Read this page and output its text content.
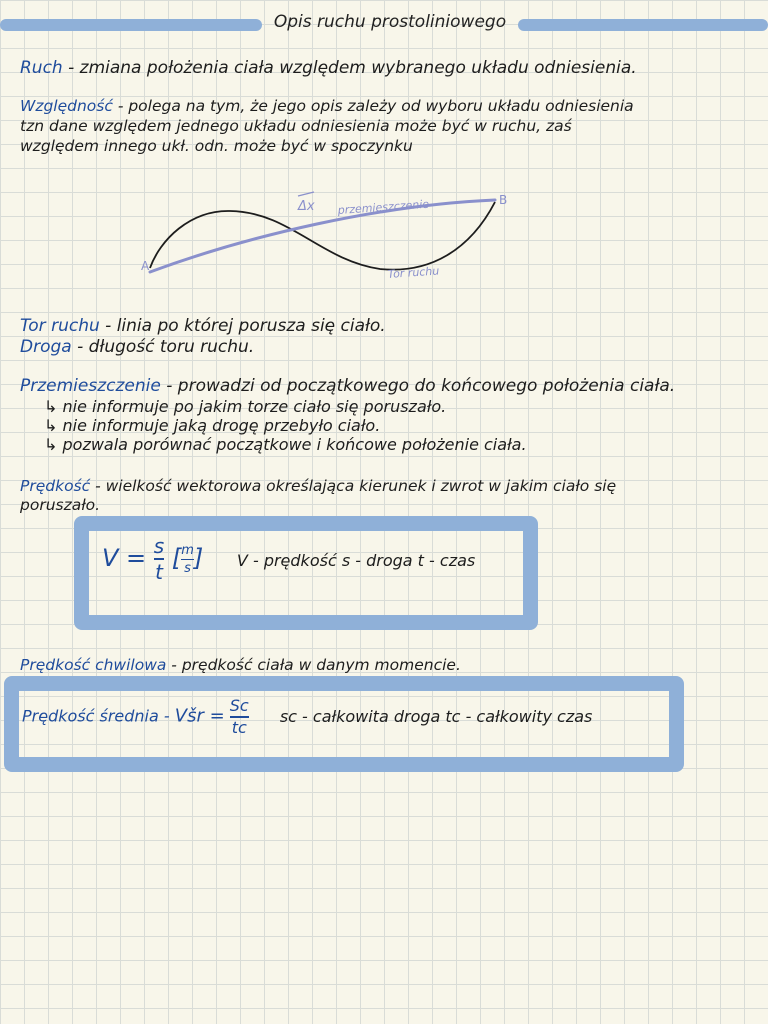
Opis ruchu prostoliniowego
Ruch - zmiana położenia ciała względem wybranego układu odniesienia.
Względność - polega na tym, że jego opis zależy od wyboru układu odniesienia
tzn dane względem jednego układu odniesienia może być w ruchu, zaś
względem innego ukł. odn. może być w spoczynku
A
B
Δx przemieszczenie
Tor ruchu
Tor ruchu - linia po której porusza się ciało.
Droga - długość toru ruchu.
Przemieszczenie - prowadzi od początkowego do końcowego położenia ciała.
↳ nie informuje po jakim torze ciało się poruszało.
↳ nie informuje jaką drogę przebyło ciało.
↳ pozwala porównać początkowe i końcowe położenie ciała.
Prędkość - wielkość wektorowa określająca kierunek i zwrot w jakim ciało się
poruszało.
$V = \frac{s}{t}$ [ $\frac{m}{s}$ ] V - prędkość s - droga t - czas
Prędkość chwilowa - prędkość ciała w danym momencie.
Prędkość średnia - Všr = $\frac{Sc}{tc}$ sc - całkowita droga tc - całkowity czas
